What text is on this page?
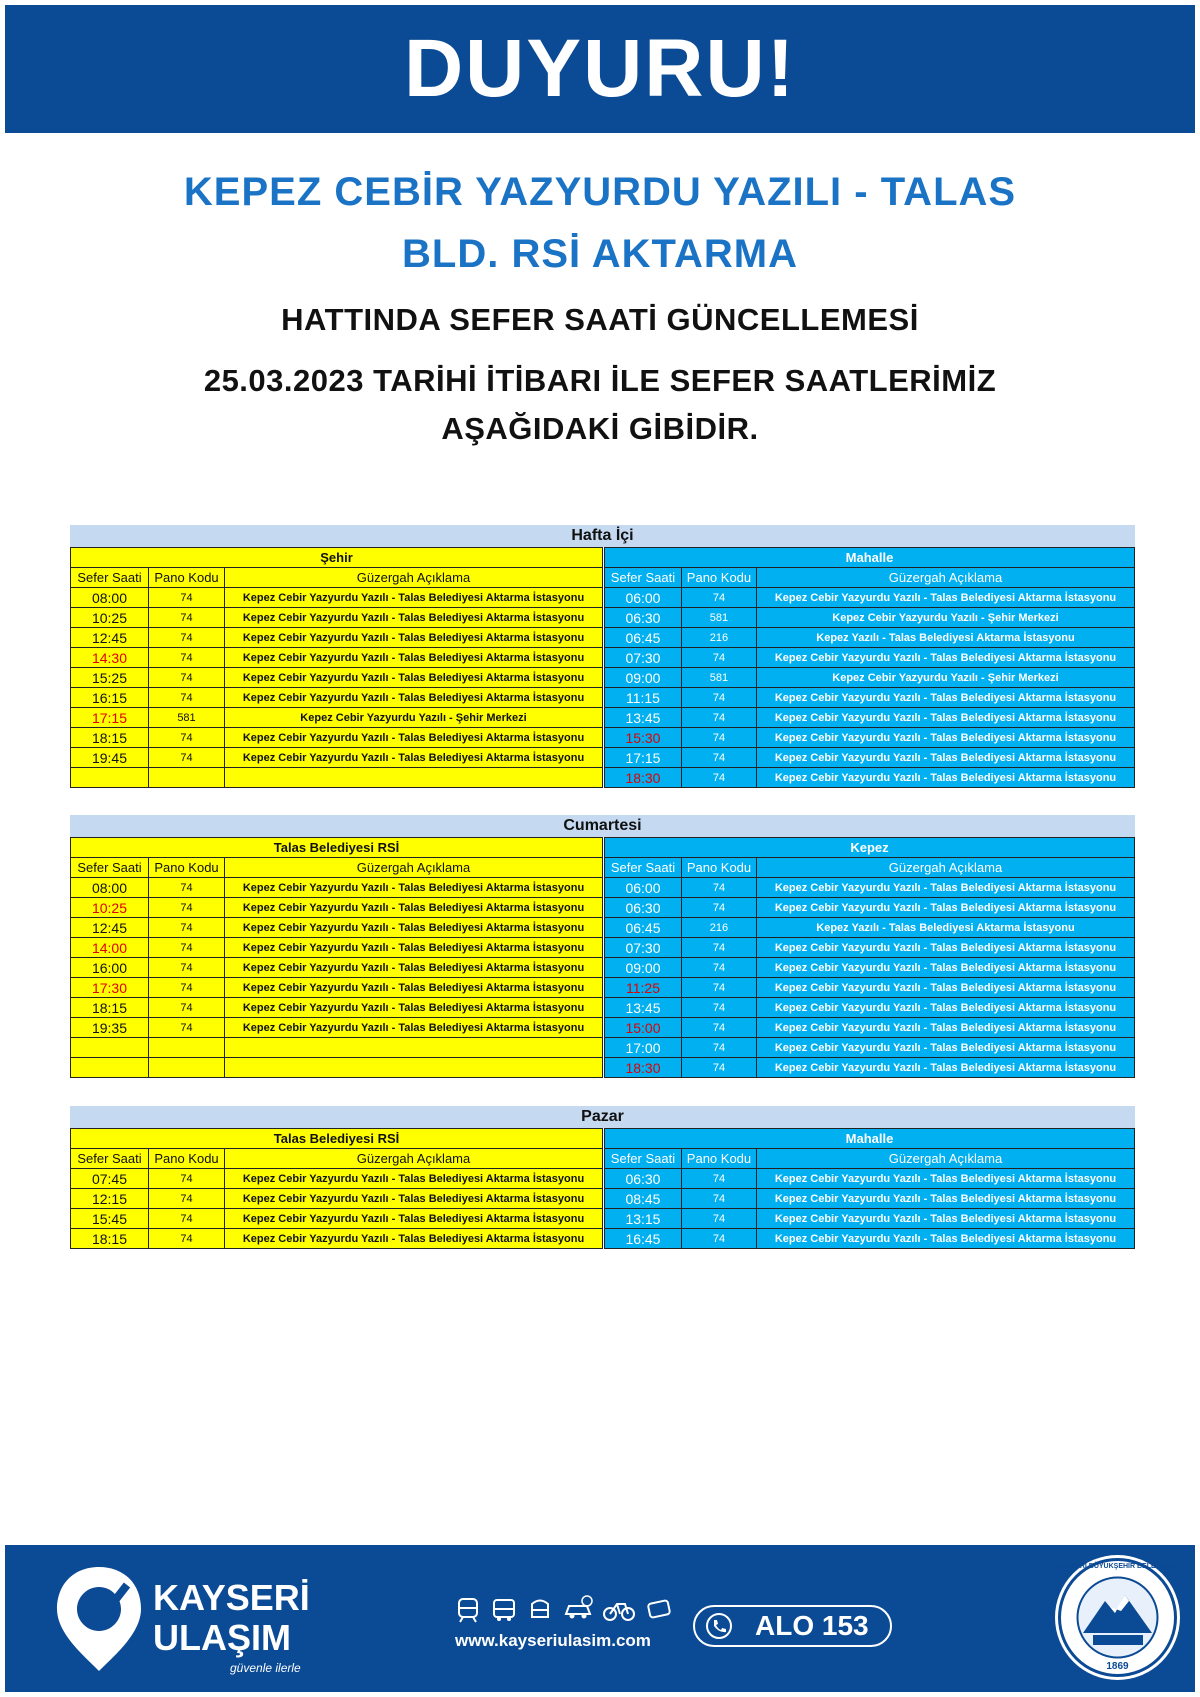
DUYURU!
KEPEZ CEBİR YAZYURDU YAZILI - TALAS
BLD. RSİ AKTARMA
HATTINDA SEFER SAATİ GÜNCELLEMESİ
25.03.2023 TARİHİ İTİBARI İLE SEFER SAATLERİMİZ
AŞAĞIDAKİ GİBİDİR.
Hafta İçi
Şehir		
Sefer Saati	Pano Kodu	Güzergah Açıklama
08:00	74	Kepez Cebir Yazyurdu Yazılı - Talas Belediyesi Aktarma İstasyonu
10:25	74	Kepez Cebir Yazyurdu Yazılı - Talas Belediyesi Aktarma İstasyonu
12:45	74	Kepez Cebir Yazyurdu Yazılı - Talas Belediyesi Aktarma İstasyonu
14:30	74	Kepez Cebir Yazyurdu Yazılı - Talas Belediyesi Aktarma İstasyonu
15:25	74	Kepez Cebir Yazyurdu Yazılı - Talas Belediyesi Aktarma İstasyonu
16:15	74	Kepez Cebir Yazyurdu Yazılı - Talas Belediyesi Aktarma İstasyonu
17:15	581	Kepez Cebir Yazyurdu Yazılı - Şehir Merkezi
18:15	74	Kepez Cebir Yazyurdu Yazılı - Talas Belediyesi Aktarma İstasyonu
19:45	74	Kepez Cebir Yazyurdu Yazılı - Talas Belediyesi Aktarma İstasyonu

Mahalle		
Sefer Saati	Pano Kodu	Güzergah Açıklama
06:00	74	Kepez Cebir Yazyurdu Yazılı - Talas Belediyesi Aktarma İstasyonu
06:30	581	Kepez Cebir Yazyurdu Yazılı - Şehir Merkezi
06:45	216	Kepez Yazılı - Talas Belediyesi Aktarma İstasyonu
07:30	74	Kepez Cebir Yazyurdu Yazılı - Talas Belediyesi Aktarma İstasyonu
09:00	581	Kepez Cebir Yazyurdu Yazılı - Şehir Merkezi
11:15	74	Kepez Cebir Yazyurdu Yazılı - Talas Belediyesi Aktarma İstasyonu
13:45	74	Kepez Cebir Yazyurdu Yazılı - Talas Belediyesi Aktarma İstasyonu
15:30	74	Kepez Cebir Yazyurdu Yazılı - Talas Belediyesi Aktarma İstasyonu
17:15	74	Kepez Cebir Yazyurdu Yazılı - Talas Belediyesi Aktarma İstasyonu
18:30	74	Kepez Cebir Yazyurdu Yazılı - Talas Belediyesi Aktarma İstasyonu
Cumartesi
Talas Belediyesi RSİ		
Sefer Saati	Pano Kodu	Güzergah Açıklama
08:00	74	Kepez Cebir Yazyurdu Yazılı - Talas Belediyesi Aktarma İstasyonu
10:25	74	Kepez Cebir Yazyurdu Yazılı - Talas Belediyesi Aktarma İstasyonu
12:45	74	Kepez Cebir Yazyurdu Yazılı - Talas Belediyesi Aktarma İstasyonu
14:00	74	Kepez Cebir Yazyurdu Yazılı - Talas Belediyesi Aktarma İstasyonu
16:00	74	Kepez Cebir Yazyurdu Yazılı - Talas Belediyesi Aktarma İstasyonu
17:30	74	Kepez Cebir Yazyurdu Yazılı - Talas Belediyesi Aktarma İstasyonu
18:15	74	Kepez Cebir Yazyurdu Yazılı - Talas Belediyesi Aktarma İstasyonu
19:35	74	Kepez Cebir Yazyurdu Yazılı - Talas Belediyesi Aktarma İstasyonu

Kepez		
Sefer Saati	Pano Kodu	Güzergah Açıklama
06:00	74	Kepez Cebir Yazyurdu Yazılı - Talas Belediyesi Aktarma İstasyonu
06:30	74	Kepez Cebir Yazyurdu Yazılı - Talas Belediyesi Aktarma İstasyonu
06:45	216	Kepez Yazılı - Talas Belediyesi Aktarma İstasyonu
07:30	74	Kepez Cebir Yazyurdu Yazılı - Talas Belediyesi Aktarma İstasyonu
09:00	74	Kepez Cebir Yazyurdu Yazılı - Talas Belediyesi Aktarma İstasyonu
11:25	74	Kepez Cebir Yazyurdu Yazılı - Talas Belediyesi Aktarma İstasyonu
13:45	74	Kepez Cebir Yazyurdu Yazılı - Talas Belediyesi Aktarma İstasyonu
15:00	74	Kepez Cebir Yazyurdu Yazılı - Talas Belediyesi Aktarma İstasyonu
17:00	74	Kepez Cebir Yazyurdu Yazılı - Talas Belediyesi Aktarma İstasyonu
18:30	74	Kepez Cebir Yazyurdu Yazılı - Talas Belediyesi Aktarma İstasyonu
Pazar
Talas Belediyesi RSİ		
Sefer Saati	Pano Kodu	Güzergah Açıklama
07:45	74	Kepez Cebir Yazyurdu Yazılı - Talas Belediyesi Aktarma İstasyonu
12:15	74	Kepez Cebir Yazyurdu Yazılı - Talas Belediyesi Aktarma İstasyonu
15:45	74	Kepez Cebir Yazyurdu Yazılı - Talas Belediyesi Aktarma İstasyonu
18:15	74	Kepez Cebir Yazyurdu Yazılı - Talas Belediyesi Aktarma İstasyonu
Mahalle		
Sefer Saati	Pano Kodu	Güzergah Açıklama
06:30	74	Kepez Cebir Yazyurdu Yazılı - Talas Belediyesi Aktarma İstasyonu
08:45	74	Kepez Cebir Yazyurdu Yazılı - Talas Belediyesi Aktarma İstasyonu
13:15	74	Kepez Cebir Yazyurdu Yazılı - Talas Belediyesi Aktarma İstasyonu
16:45	74	Kepez Cebir Yazyurdu Yazılı - Talas Belediyesi Aktarma İstasyonu
KAYSERİ
ULAŞIM
güvenle ilerle
www.kayseriulasim.com	ALO 153
KAYSERİ BÜYÜKŞEHİR BELEDİYESİ
1869
